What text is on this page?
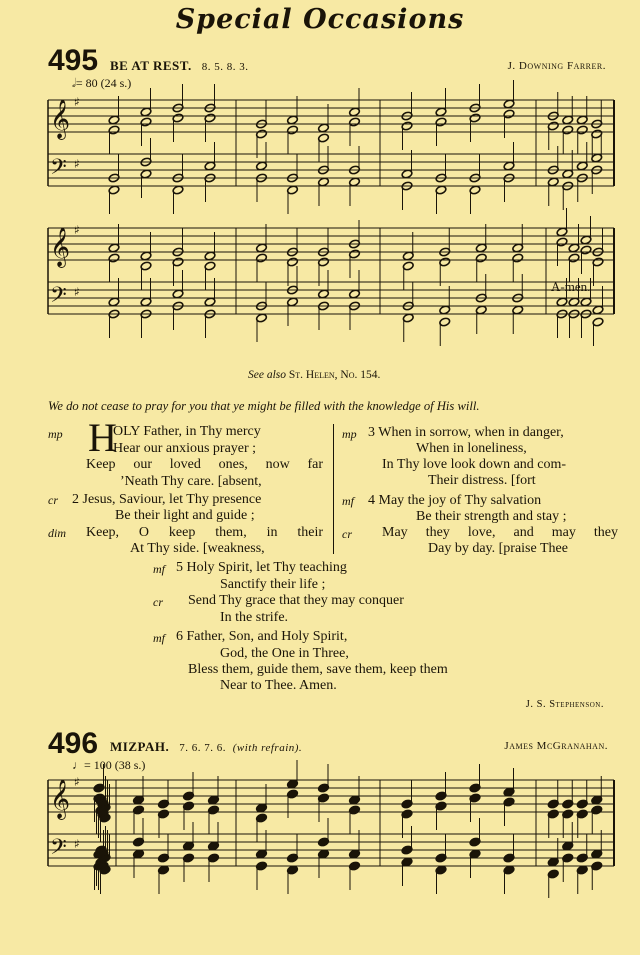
Special Occasions
495 BE AT REST. 8. 5. 8. 3.	J. Downing Farrer.
𝅗𝅥= 80 (24 s.)
𝄞
𝄢
♯
♯
𝄞
𝄢
♯
♯
𝄞
𝄢
♯
♯
A-men.
See also St. Helen, No. 154.
We do not cease to pray for you that ye might be filled with the knowledge of His will.
mp H
OLY Father, in Thy mercy
Hear our anxious prayer ;
Keep our loved ones, now far
’Neath Thy care. [absent,
cr 2 Jesus, Saviour, let Thy presence
Be their light and guide ;
dim Keep, O keep them, in their
At Thy side. [weakness,
mp 3 When in sorrow, when in danger,
When in loneliness,
In Thy love look down and com-
Their distress. [fort
mf 4 May the joy of Thy salvation
Be their strength and stay ;
cr May they love, and may they
Day by day. [praise Thee
mf 5 Holy Spirit, let Thy teaching
Sanctify their life ;
cr Send Thy grace that they may conquer
In the strife.
mf 6 Father, Son, and Holy Spirit,
God, the One in Three,
Bless them, guide them, save them, keep them
Near to Thee. Amen.
J. S. Stephenson.
496 MIZPAH. 7. 6. 7. 6. (with refrain).	James McGranahan.
♩= 100 (38 s.)
